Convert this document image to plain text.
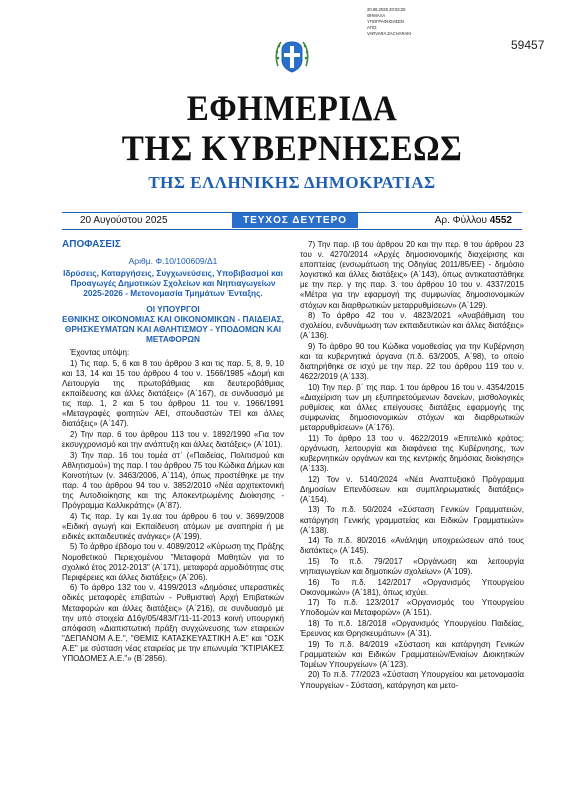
20.08.2025 20:03:25
ΘΗΜΑΛΑ
ΥΠΟΓΡΑΦΗΣΗΣΕΝ
ΑΠΟ:
VARVARA ZACHARAKI
59457
ΕΦΗΜΕΡΙΔΑ
ΤΗΣ ΚΥΒΕΡΝΗΣΕΩΣ
ΤΗΣ ΕΛΛΗΝΙΚΗΣ ΔΗΜΟΚΡΑΤΙΑΣ
20 Αυγούστου 2025	ΤΕΥΧΟΣ ΔΕΥΤΕΡΟ	Αρ. Φύλλου 4552
ΑΠΟΦΑΣΕΙΣ
Αριθμ. Φ.10/100609/Δ1
Ιδρύσεις, Καταργήσεις, Συγχωνεύσεις, Υποβιβασμοί και Προαγωγές Δημοτικών Σχολείων και Νηπιαγωγείων 2025-2026 - Μετονομασία Τμημάτων Ένταξης.
ΟΙ ΥΠΟΥΡΓΟΙ
ΕΘΝΙΚΗΣ ΟΙΚΟΝΟΜΙΑΣ ΚΑΙ ΟΙΚΟΝΟΜΙΚΩΝ - ΠΑΙΔΕΙΑΣ, ΘΡΗΣΚΕΥΜΑΤΩΝ ΚΑΙ ΑΘΛΗΤΙΣΜΟΥ - ΥΠΟΔΟΜΩΝ ΚΑΙ ΜΕΤΑΦΟΡΩΝ

Έχοντας υπόψη:

1) Τις παρ. 5, 6 και 8 του άρθρου 3 και τις παρ. 5, 8, 9, 10 και 13, 14 και 15 του άρθρου 4 του ν. 1566/1985 «Δομή και Λειτουργία της πρωτοβάθμιας και δευτεροβάθμιας εκπαίδευσης και άλλες διατάξεις» (Α΄167), σε συνδυασμό με τις παρ. 1, 2 και 5 του άρθρου 11 του ν. 1966/1991 «Μεταγραφές φοιτητών ΑΕΙ, σπουδαστών ΤΕΙ και άλλες διατάξεις» (Α΄147).

2) Την παρ. 6 του άρθρου 113 του ν. 1892/1990 «Για τον εκσυγχρονισμό και την ανάπτυξη και άλλες διατάξεις» (Α΄101).

3) Την παρ. 16 του τομέα στ΄ («Παιδείας, Πολιτισμού και Αθλητισμού») της παρ. Ι του άρθρου 75 του Κώδικα Δήμων και Κοινοτήτων (ν. 3463/2006, Α΄114), όπως προστέθηκε με την παρ. 4 του άρθρου 94 του ν. 3852/2010 «Νέα αρχιτεκτονική της Αυτοδιοίκησης και της Αποκεντρωμένης Διοίκησης - Πρόγραμμα Καλλικράτης» (Α΄87).

4) Τις παρ. 1γ και 1γ.αα του άρθρου 6 του ν. 3699/2008 «Ειδική αγωγή και Εκπαίδευση ατόμων με αναπηρία ή με ειδικές εκπαιδευτικές ανάγκες» (Α΄199).

5) Το άρθρο έβδομο του ν. 4089/2012 «Κύρωση της Πράξης Νομοθετικού Περιεχομένου "Μεταφορά Μαθητών για το σχολικό έτος 2012-2013" (Α΄171), μεταφορά αρμοδιότητας στις Περιφέρειες και άλλες διατάξεις» (Α΄206).

6) Το άρθρο 132 του ν. 4199/2013 «Δημόσιες υπεραστικές οδικές μεταφορές επιβατών - Ρυθμιστική Αρχή Επιβατικών Μεταφορών και άλλες διατάξεις» (Α΄216), σε συνδυασμό με την υπό στοιχεία Δ16γ/05/483/Γ/11-11-2013 κοινή υπουργική απόφαση «Διαπιστωτική πράξη συγχώνευσης των εταιρειών "ΔΕΠΑΝΟΜ Α.Ε.", "ΘΕΜΙΣ ΚΑΤΑΣΚΕΥΑΣΤΙΚΗ Α.Ε" και "ΟΣΚ Α.Ε" με σύσταση νέας εταιρείας με την επωνυμία "ΚΤΙΡΙΑΚΕΣ ΥΠΟΔΟΜΕΣ Α.Ε."» (Β΄2856).

7) Την παρ. ιβ του άρθρου 20 και την περ. θ του άρθρου 23 του ν. 4270/2014 «Αρχές δημοσιονομικής διαχείρισης και εποπτείας (ενσωμάτωση της Οδηγίας 2011/85/ΕΕ) - δημόσιο λογιστικό και άλλες διατάξεις» (Α΄143), όπως αντικαταστάθηκε με την περ. γ της παρ. 3. του άρθρου 10 του ν. 4337/2015 «Μέτρα για την εφαρμογή της συμφωνίας δημοσιονομικών στόχων και διαρθρωτικών μεταρρυθμίσεων» (Α΄129).

8) Το άρθρο 42 του ν. 4823/2021 «Αναβάθμιση του σχολείου, ενδυνάμωση των εκπαιδευτικών και άλλες διατάξεις» (Α΄136).

9) Το άρθρο 90 του Κώδικα νομοθεσίας για την Κυβέρνηση και τα κυβερνητικά όργανα (π.δ. 63/2005, Α΄98), το οποίο διατηρήθηκε σε ισχύ με την περ. 22 του άρθρου 119 του ν. 4622/2019 (Α΄133).

10) Την περ. β΄ της παρ. 1 του άρθρου 16 του ν. 4354/2015 «Διαχείριση των μη εξυπηρετούμενων δανείων, μισθολογικές ρυθμίσεις και άλλες επείγουσες διατάξεις εφαρμογής της συμφωνίας δημοσιονομικών στόχων και διαρθρωτικών μεταρρυθμίσεων» (Α΄176).

11) Το άρθρο 13 του ν. 4622/2019 «Επιτελικό κράτος: οργάνωση, λειτουργία και διαφάνεια της Κυβέρνησης, των κυβερνητικών οργάνων και της κεντρικής δημόσιας διοίκησης» (Α΄133).

12) Τον ν. 5140/2024 «Νέα Αναπτυξιακό Πρόγραμμα Δημοσίων Επενδύσεων και συμπληρωματικές διατάξεις» (Α΄154).

13) Το π.δ. 50/2024 «Σύσταση Γενικών Γραμματειών, κατάργηση Γενικής γραμματείας και Ειδικών Γραμματειών» (Α΄138).

14) Το π.δ. 80/2016 «Ανάληψη υποχρεώσεων από τους διατάκτες» (Α΄145).

15) Το π.δ. 79/2017 «Οργάνωση και λειτουργία νηπιαγωγείων και δημοτικών σχολείων» (Α΄109).

16) Το π.δ. 142/2017 «Οργανισμός Υπουργείου Οικονομικών» (Α΄181), όπως ισχύει.

17) Το π.δ. 123/2017 «Οργανισμός του Υπουργείου Υποδομών και Μεταφορών» (Α΄151).

18) Το π.δ. 18/2018 «Οργανισμός Υπουργείου Παιδείας, Έρευνας και Θρησκευμάτων» (Α΄31).

19) Το π.δ. 84/2019 «Σύσταση και κατάργηση Γενικών Γραμματειών και Ειδικών Γραμματειών/Ενιαίων Διοικητικών Τομέων Υπουργείων» (Α΄123).

20) Το π.δ. 77/2023 «Σύσταση Υπουργείου και μετονομασία Υπουργείων - Σύσταση, κατάργηση και μετο-
